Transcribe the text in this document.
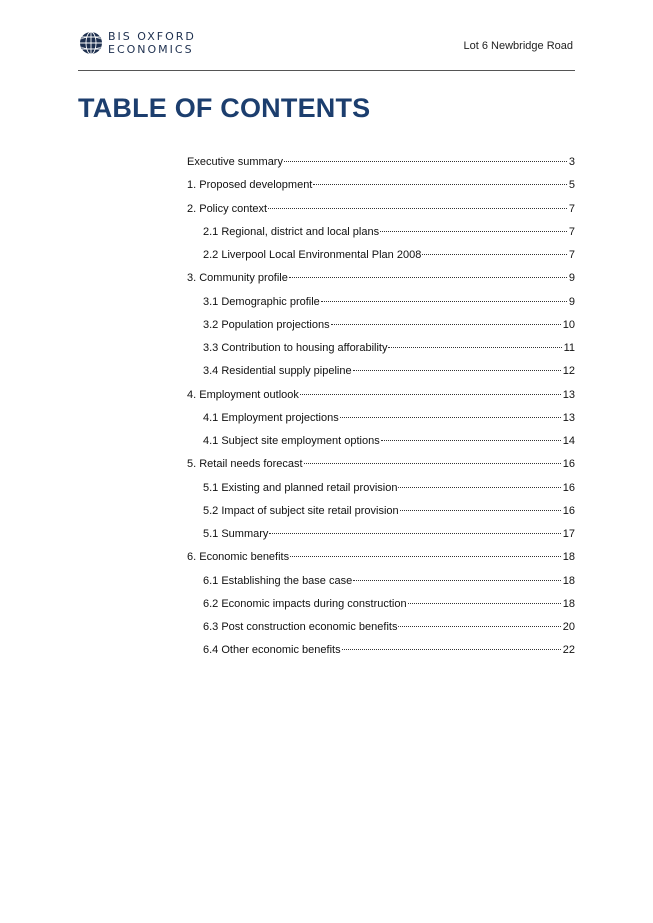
BIS OXFORD
ECONOMICS	Lot 6 Newbridge Road
TABLE OF CONTENTS
Executive summary	3
1. Proposed development	5
2. Policy context	7
2.1 Regional, district and local plans	7
2.2 Liverpool Local Environmental Plan 2008	7
3. Community profile	9
3.1 Demographic profile	9
3.2 Population projections	10
3.3 Contribution to housing afforability	11
3.4 Residential supply pipeline	12
4. Employment outlook	13
4.1 Employment projections	13
4.1 Subject site employment options	14
5. Retail needs forecast	16
5.1 Existing and planned retail provision	16
5.2 Impact of subject site retail provision	16
5.1 Summary	17
6. Economic benefits	18
6.1 Establishing the base case	18
6.2 Economic impacts during construction	18
6.3 Post construction economic benefits	20
6.4 Other economic benefits	22
